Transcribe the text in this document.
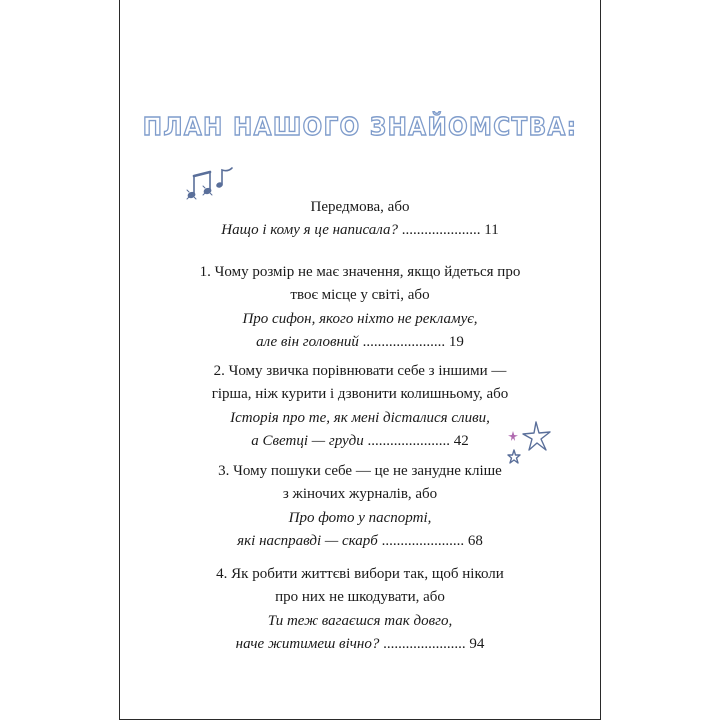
ПЛАН НАШОГО ЗНАЙОМСТВА:
Передмова, або
Нащо і кому я це написала? ..................... 11
1. Чому розмір не має значення, якщо йдеться про
твоє місце у світі, або
Про сифон, якого ніхто не рекламує,
але він головний ...................... 19
2. Чому звичка порівнювати себе з іншими —
гірша, ніж курити і дзвонити колишньому, або
Історія про те, як мені дісталися сливи,
а Светці — груди ...................... 42
3. Чому пошуки себе — це не занудне кліше
з жіночих журналів, або
Про фото у паспорті,
які насправді — скарб ...................... 68
4. Як робити життєві вибори так, щоб ніколи
про них не шкодувати, або
Ти теж вагаєшся так довго,
наче житимеш вічно? ...................... 94
